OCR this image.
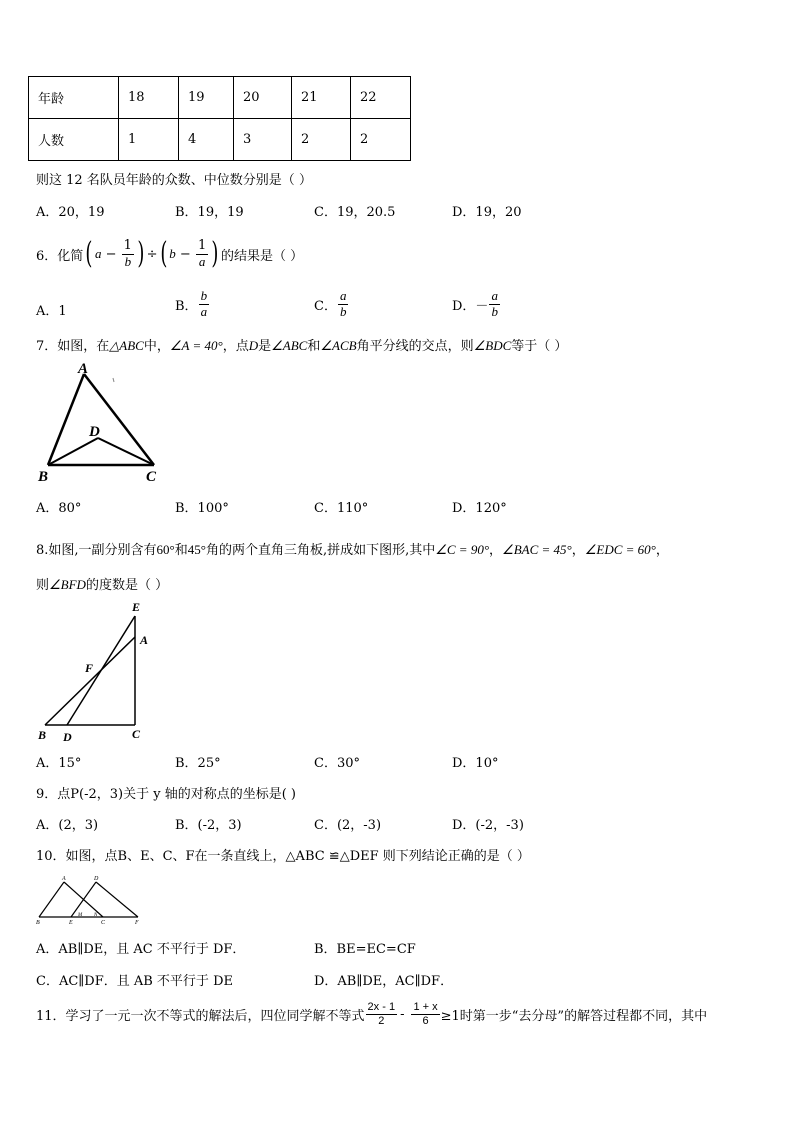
年龄	18	19	20	21	22
人数	1	4	3	2	2
则这 12 名队员年龄的众数、中位数分别是（ ）
A．20，19	B．19，19	C．19，20.5	D．19，20
6．化简 ( $a - \frac{1}{b}$ ) ÷ ( $b - \frac{1}{a}$ ) 的结果是（ ）
A．1	B． $\frac{b}{a}$	C． $\frac{a}{b}$	D．－ $\frac{a}{b}$
7．如图，在△ABC中，∠A = 40°，点D是∠ABC和∠ACB角平分线的交点，则∠BDC等于（ ）
A
D
B	C
A．80°	B．100°	C．110°	D．120°
8.如图,一副分别含有60°和45°角的两个直角三角板,拼成如下图形,其中∠C = 90°，∠BAC = 45°，∠EDC = 60°，
则∠BFD的度数是（ ）
E
A
F
B D	C
A．15°	B．25°	C．30°	D．10°
9．点P(-2，3)关于 y 轴的对称点的坐标是( )
A．(2，3)	B．(-2，3)	C．(2，-3)	D．(-2，-3)
10．如图，点B、E、C、F在一条直线上，△ABC ≌△DEF 则下列结论正确的是（ ）
A	D
B	E
M N
C	F
A．AB∥DE，且 AC 不平行于 DF．	B．BE=EC=CF
C．AC∥DF．且 AB 不平行于 DE	D．AB∥DE，AC∥DF．
11．学习了一元一次不等式的解法后，四位同学解不等式 $\frac{2x - 1}{2} - \frac{1 + x}{6} \ge 1$时第一步“去分母”的解答过程都不同，其中
